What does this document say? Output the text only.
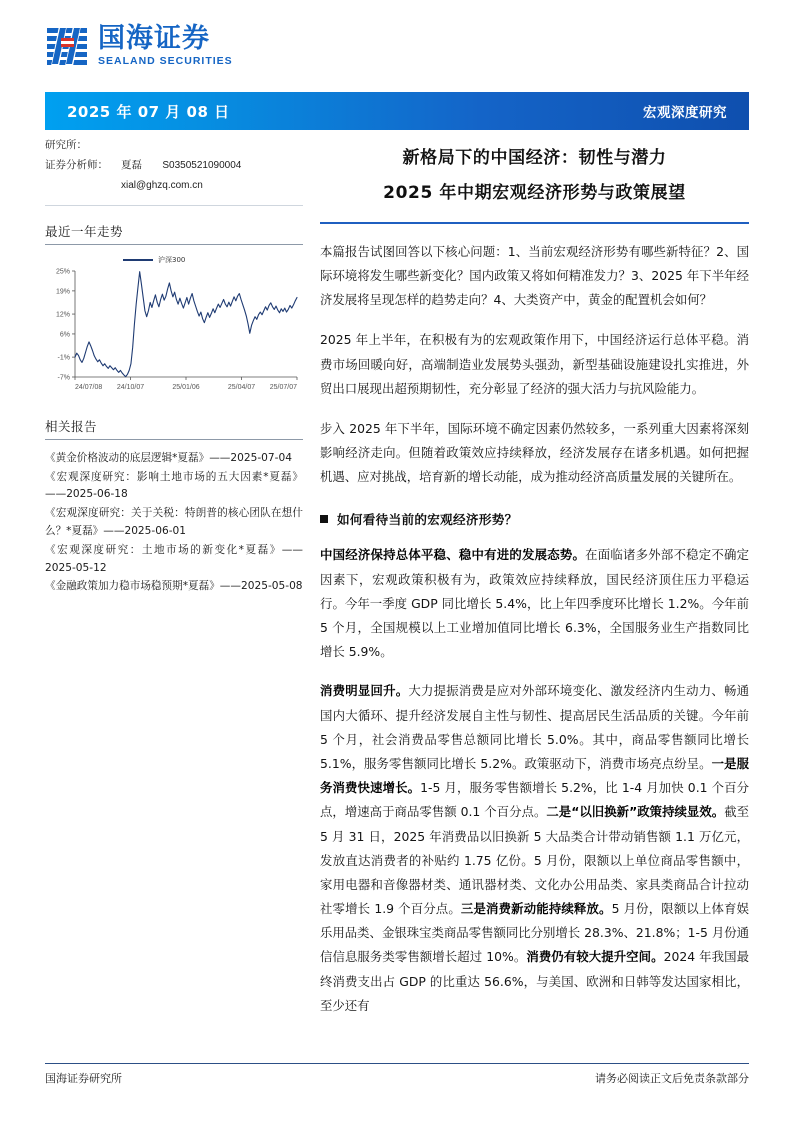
国海证券
SEALAND SECURITIES
2025 年 07 月 08 日	宏观深度研究
研究所：
证券分析师：	夏磊 S0350521090004
xial@ghzq.com.cn
最近一年走势
沪深300
25%
19%
12%
6%
-1%
-7%
24/07/08 24/10/07	25/01/06	25/04/07 25/07/07
相关报告
《黄金价格波动的底层逻辑*夏磊》——2025-07-04
《宏观深度研究：影响土地市场的五大因素*夏磊》——2025-06-18
《宏观深度研究：关于关税：特朗普的核心团队在想什么？*夏磊》——2025-06-01
《宏观深度研究：土地市场的新变化*夏磊》——2025-05-12
《金融政策加力稳市场稳预期*夏磊》——2025-05-08
新格局下的中国经济：韧性与潜力
2025 年中期宏观经济形势与政策展望
本篇报告试图回答以下核心问题：1、当前宏观经济形势有哪些新特征？2、国际环境将发生哪些新变化？国内政策又将如何精准发力？3、2025 年下半年经济发展将呈现怎样的趋势走向？4、大类资产中，黄金的配置机会如何？
2025 年上半年，在积极有为的宏观政策作用下，中国经济运行总体平稳。消费市场回暖向好，高端制造业发展势头强劲，新型基础设施建设扎实推进，外贸出口展现出超预期韧性，充分彰显了经济的强大活力与抗风险能力。
步入 2025 年下半年，国际环境不确定因素仍然较多，一系列重大因素将深刻影响经济走向。但随着政策效应持续释放，经济发展存在诸多机遇。如何把握机遇、应对挑战，培育新的增长动能，成为推动经济高质量发展的关键所在。
如何看待当前的宏观经济形势？
中国经济保持总体平稳、稳中有进的发展态势。在面临诸多外部不稳定不确定因素下，宏观政策积极有为，政策效应持续释放，国民经济顶住压力平稳运行。今年一季度 GDP 同比增长 5.4%，比上年四季度环比增长 1.2%。今年前 5 个月，全国规模以上工业增加值同比增长 6.3%，全国服务业生产指数同比增长 5.9%。
消费明显回升。大力提振消费是应对外部环境变化、激发经济内生动力、畅通国内大循环、提升经济发展自主性与韧性、提高居民生活品质的关键。今年前 5 个月，社会消费品零售总额同比增长 5.0%。其中，商品零售额同比增长 5.1%，服务零售额同比增长 5.2%。政策驱动下，消费市场亮点纷呈。一是服务消费快速增长。1-5 月，服务零售额增长 5.2%，比 1-4 月加快 0.1 个百分点，增速高于商品零售额 0.1 个百分点。二是“以旧换新”政策持续显效。截至 5 月 31 日，2025 年消费品以旧换新 5 大品类合计带动销售额 1.1 万亿元，发放直达消费者的补贴约 1.75 亿份。5 月份，限额以上单位商品零售额中，家用电器和音像器材类、通讯器材类、文化办公用品类、家具类商品合计拉动社零增长 1.9 个百分点。三是消费新动能持续释放。5 月份，限额以上体育娱乐用品类、金银珠宝类商品零售额同比分别增长 28.3%、21.8%；1-5 月份通信信息服务类零售额增长超过 10%。消费仍有较大提升空间。2024 年我国最终消费支出占 GDP 的比重达 56.6%，与美国、欧洲和日韩等发达国家相比，至少还有
国海证券研究所	请务必阅读正文后免责条款部分
